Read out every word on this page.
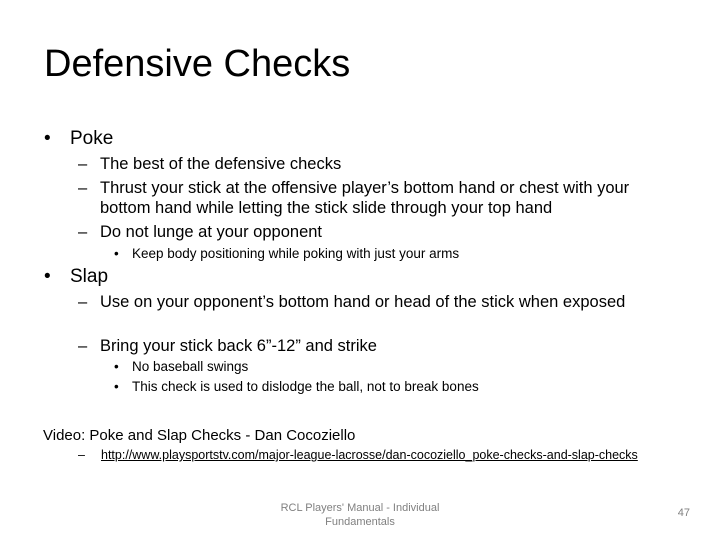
Defensive Checks
• Poke
– The best of the defensive checks
– Thrust your stick at the offensive player’s bottom hand or chest with your bottom hand while letting the stick slide through your top hand
– Do not lunge at your opponent
• Keep body positioning while poking with just your arms
• Slap
– Use on your opponent’s bottom hand or head of the stick when exposed
– Bring your stick back 6”-12” and strike
• No baseball swings
• This check is used to dislodge the ball, not to break bones
Video: Poke and Slap Checks - Dan Cocoziello
– http://www.playsportstv.com/major-league-lacrosse/dan-cocoziello_poke-checks-and-slap-checks
RCL Players' Manual - Individual Fundamentals
47
